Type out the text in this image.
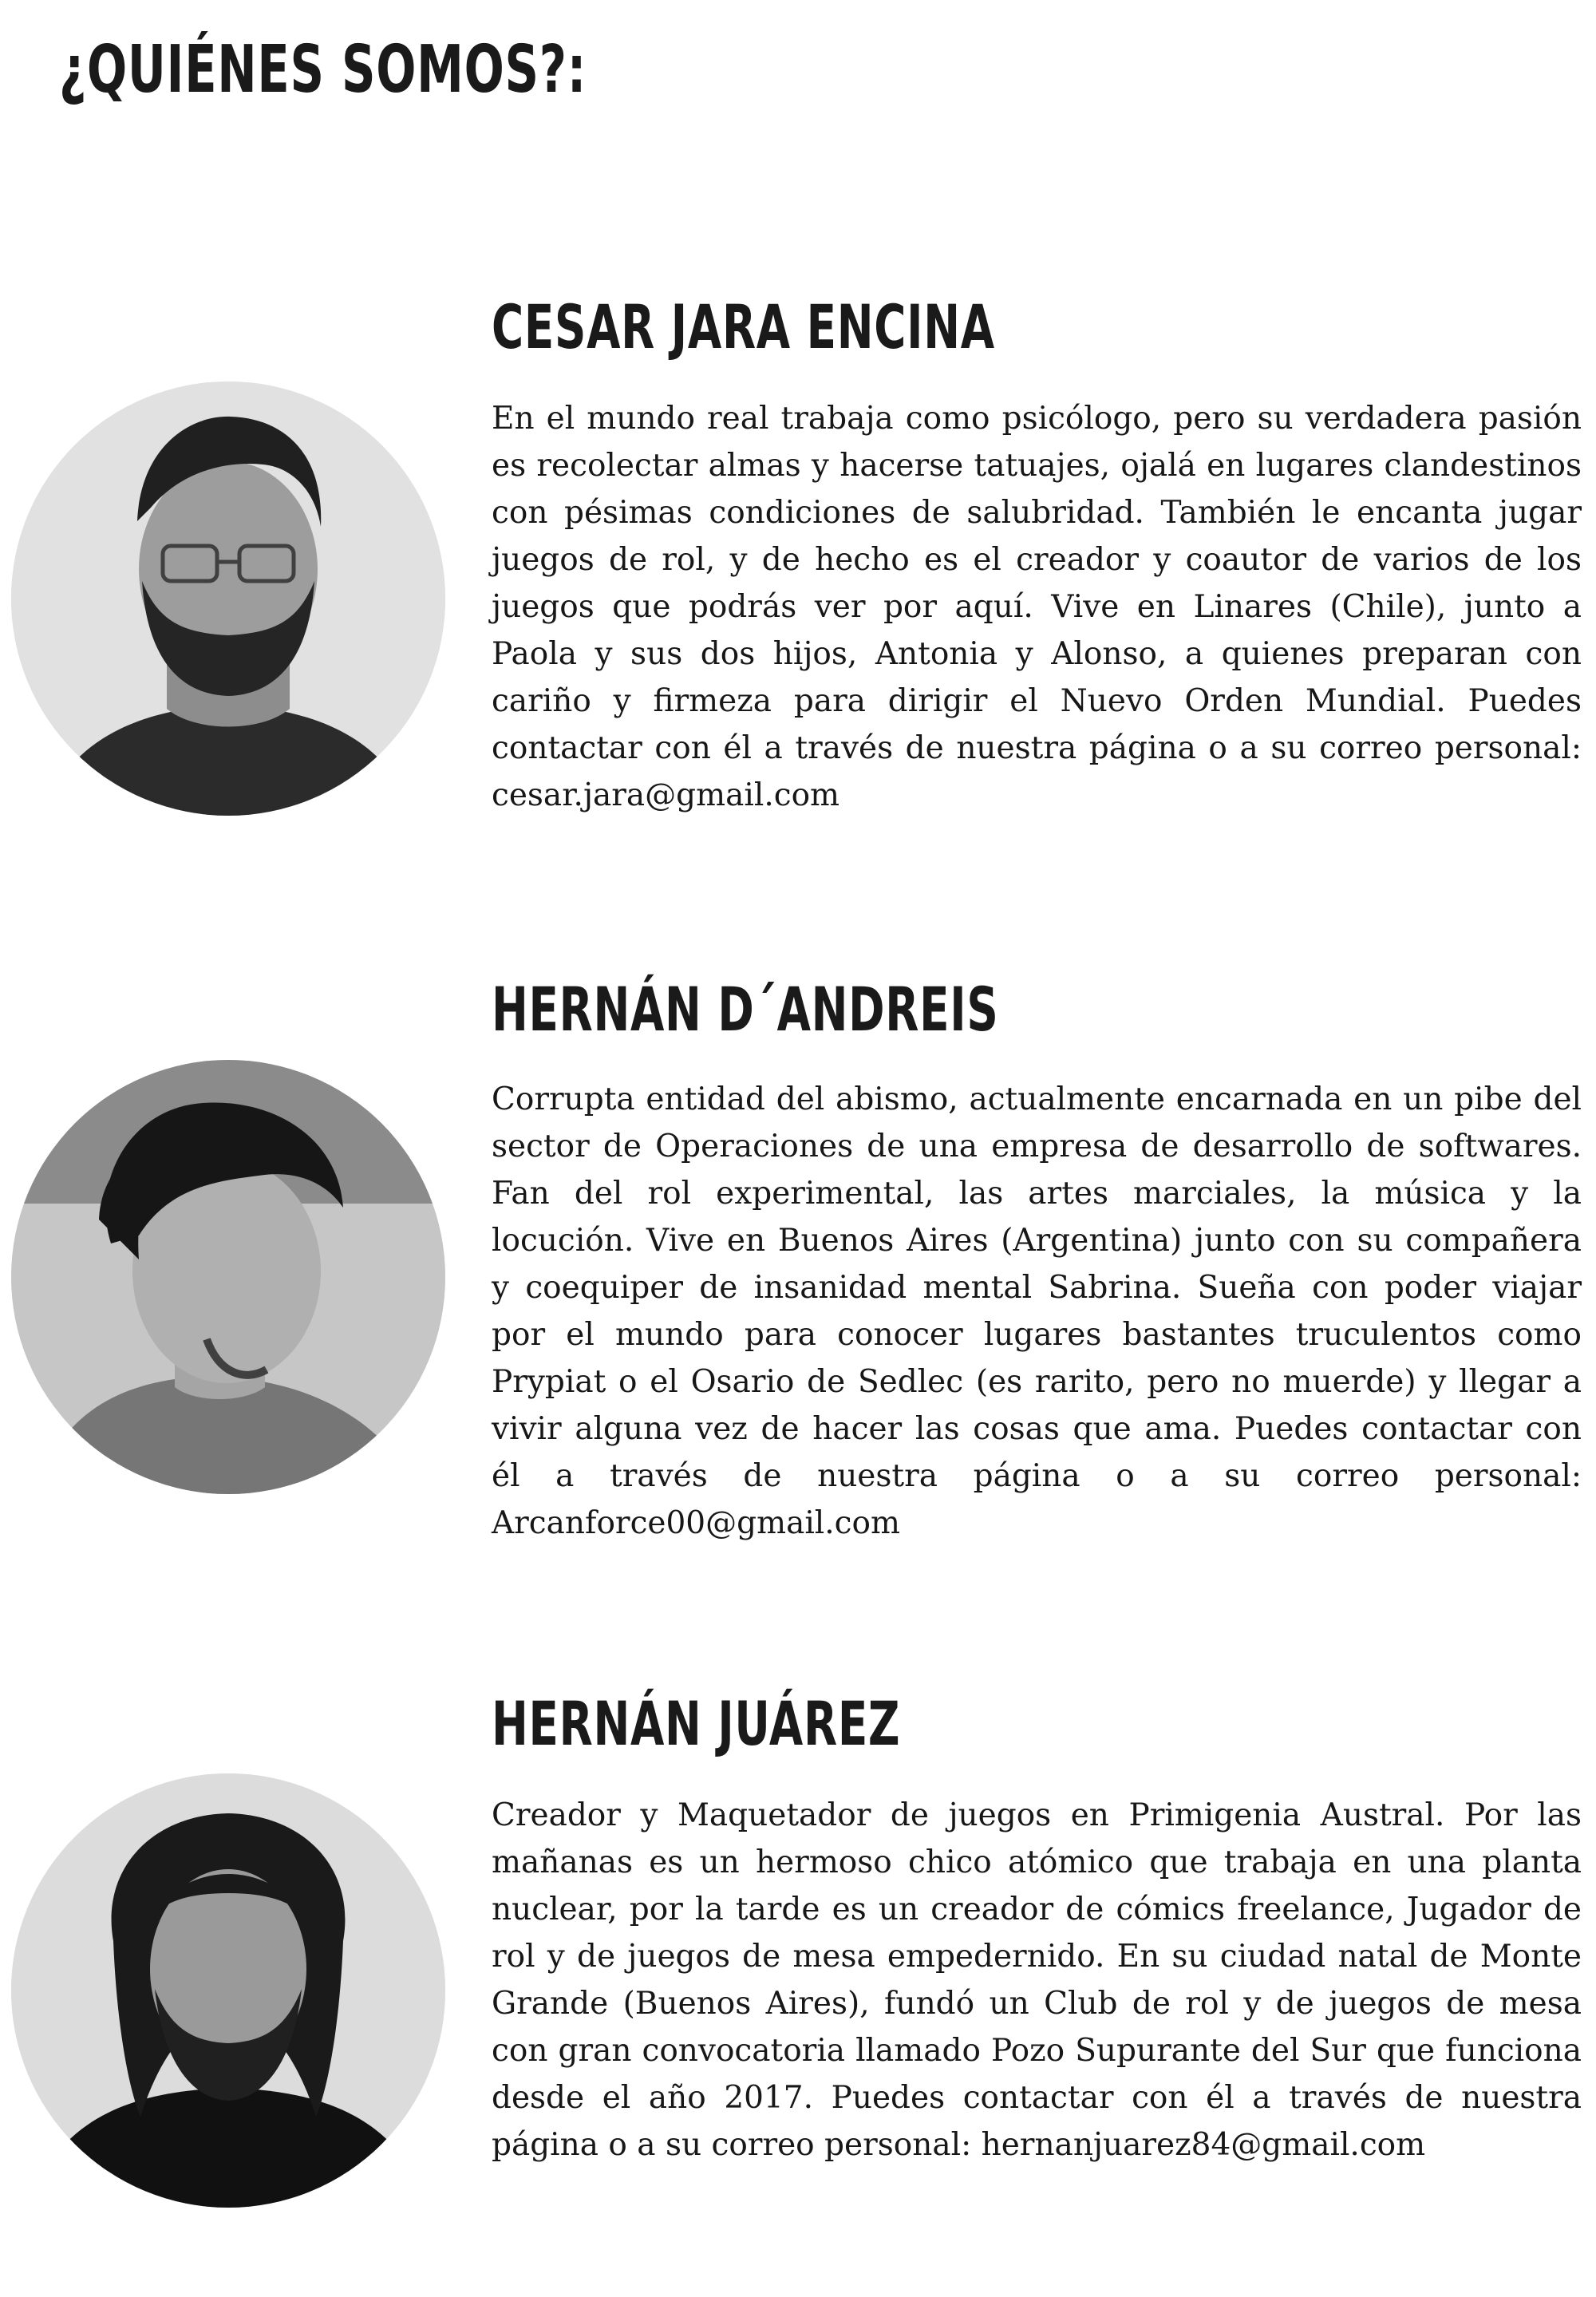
¿QUIÉNES SOMOS?:
CESAR JARA ENCINA

En el mundo real trabaja como psicólogo, pero su verdadera pasión es recolectar almas y hacerse tatuajes, ojalá en lugares clandestinos con pésimas condiciones de salubridad. También le encanta jugar juegos de rol, y de hecho es el creador y coautor de varios de los juegos que podrás ver por aquí. Vive en Linares (Chile), junto a Paola y sus dos hijos, Antonia y Alonso, a quienes preparan con cariño y firmeza para dirigir el Nuevo Orden Mundial. Puedes contactar con él a través de nuestra página o a su correo personal: cesar.jara@gmail.com

HERNÁN D´ANDREIS

Corrupta entidad del abismo, actualmente encarnada en un pibe del sector de Operaciones de una empresa de desarrollo de softwares. Fan del rol experimental, las artes marciales, la música y la locución. Vive en Buenos Aires (Argentina) junto con su compañera y coequiper de insanidad mental Sabrina. Sueña con poder viajar por el mundo para conocer lugares bastantes truculentos como Prypiat o el Osario de Sedlec (es rarito, pero no muerde) y llegar a vivir alguna vez de hacer las cosas que ama. Puedes contactar con él a través de nuestra página o a su correo personal: Arcanforce00@gmail.com

HERNÁN JUÁREZ

Creador y Maquetador de juegos en Primigenia Austral. Por las mañanas es un hermoso chico atómico que trabaja en una planta nuclear, por la tarde es un creador de cómics freelance, Jugador de rol y de juegos de mesa empedernido. En su ciudad natal de Monte Grande (Buenos Aires), fundó un Club de rol y de juegos de mesa con gran convocatoria llamado Pozo Supurante del Sur que funciona desde el año 2017. Puedes contactar con él a través de nuestra página o a su correo personal: hernanjuarez84@gmail.com
